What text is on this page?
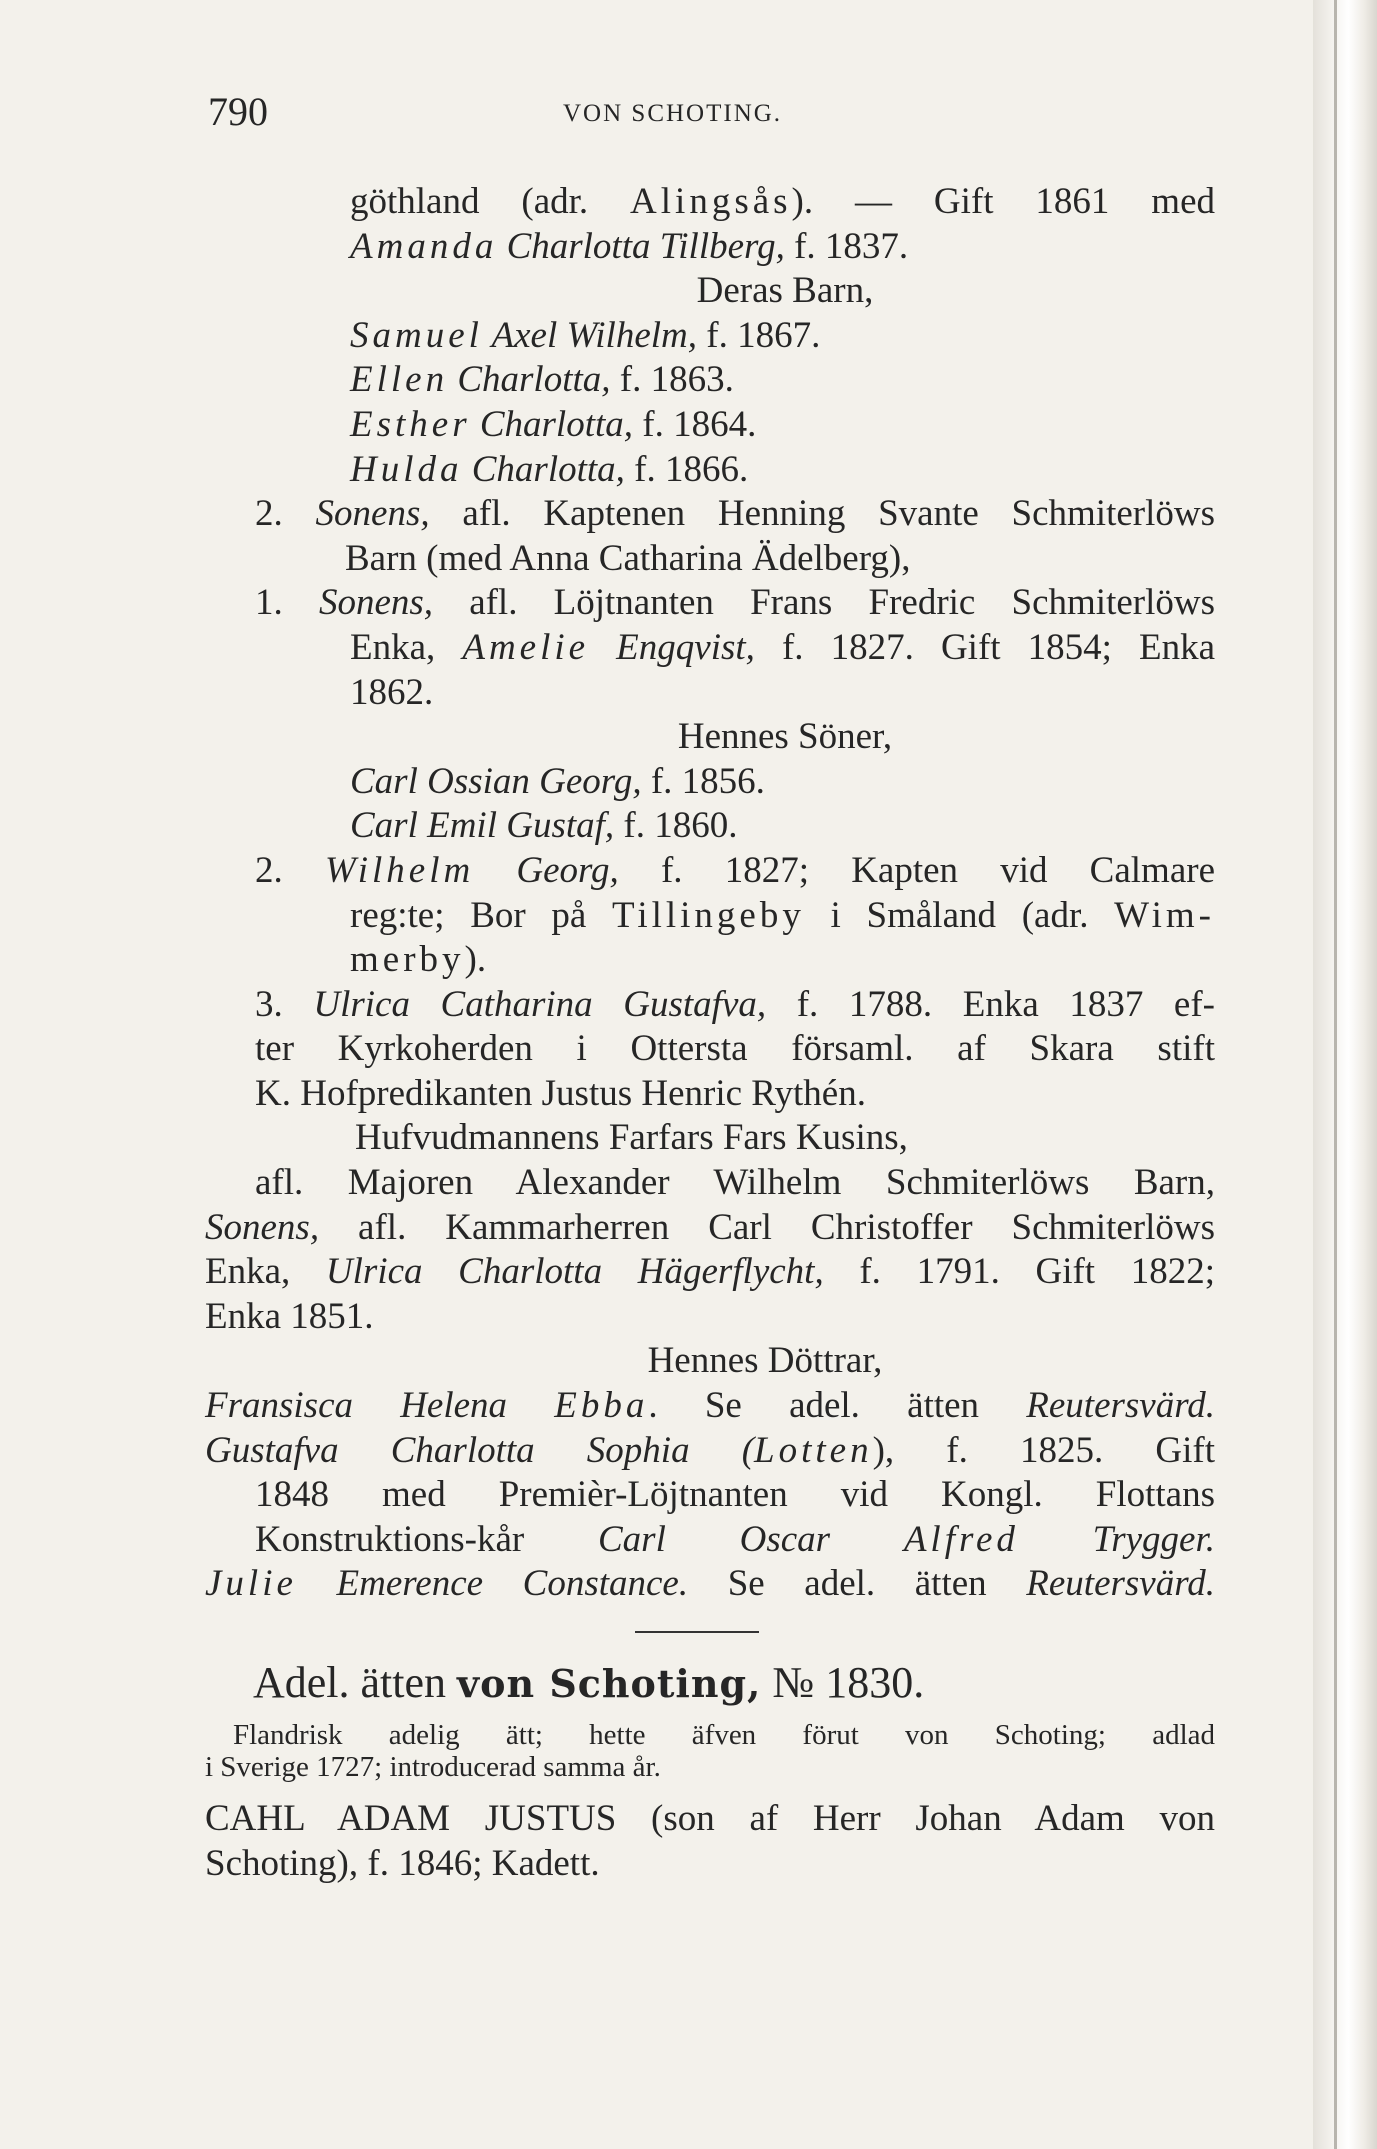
790	VON SCHOTING.
göthland (adr. Alingsås). — Gift 1861 med
Amanda Charlotta Tillberg, f. 1837.
Deras Barn,
Samuel Axel Wilhelm, f. 1867.
Ellen Charlotta, f. 1863.
Esther Charlotta, f. 1864.
Hulda Charlotta, f. 1866.
2. Sonens, afl. Kaptenen Henning Svante Schmiterlöws
Barn (med Anna Catharina Ädelberg),
1. Sonens, afl. Löjtnanten Frans Fredric Schmiterlöws
Enka, Amelie Engqvist, f. 1827. Gift 1854; Enka
1862.
Hennes Söner,
Carl Ossian Georg, f. 1856.
Carl Emil Gustaf, f. 1860.
2. Wilhelm Georg, f. 1827; Kapten vid Calmare
reg:te; Bor på Tillingeby i Småland (adr. Wim-
merby).
3. Ulrica Catharina Gustafva, f. 1788. Enka 1837 ef-
ter Kyrkoherden i Ottersta församl. af Skara stift
K. Hofpredikanten Justus Henric Rythén.
Hufvudmannens Farfars Fars Kusins,
afl. Majoren Alexander Wilhelm Schmiterlöws Barn,
Sonens, afl. Kammarherren Carl Christoffer Schmiterlöws
Enka, Ulrica Charlotta Hägerflycht, f. 1791. Gift 1822;
Enka 1851.
Hennes Döttrar,
Fransisca Helena Ebba. Se adel. ätten Reutersvärd.
Gustafva Charlotta Sophia (Lotten), f. 1825. Gift
1848 med Premièr-Löjtnanten vid Kongl. Flottans
Konstruktions-kår Carl Oscar Alfred Trygger.
Julie Emerence Constance. Se adel. ätten Reutersvärd.
Adel. ätten von Schoting, № 1830.
Flandrisk adelig ätt; hette äfven förut von Schoting; adlad
i Sverige 1727; introducerad samma år.
CAHL ADAM JUSTUS (son af Herr Johan Adam von
Schoting), f. 1846; Kadett.
